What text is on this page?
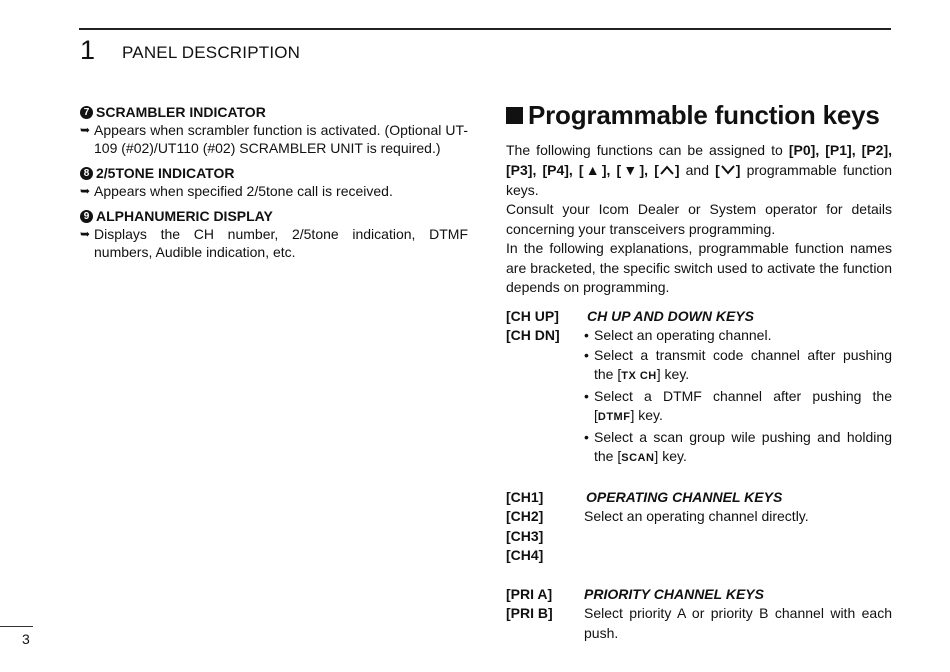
1 PANEL DESCRIPTION
7 SCRAMBLER INDICATOR
➥ Appears when scrambler function is activated. (Optional UT-109 (#02)/UT110 (#02) SCRAMBLER UNIT is required.)
8 2/5TONE INDICATOR
➥ Appears when specified 2/5tone call is received.
9 ALPHANUMERIC DISPLAY
➥ Displays the CH number, 2/5tone indication, DTMF numbers, Audible indication, etc.
Programmable function keys
The following functions can be assigned to [P0], [P1], [P2], [P3], [P4], [▲], [▼], [ ] and [ ] programmable function keys.
Consult your Icom Dealer or System operator for details concerning your transceivers programming.
In the following explanations, programmable function names are bracketed, the specific switch used to activate the function depends on programming.
[CH UP]	CH UP AND DOWN KEYS
[CH DN]	• Select an operating channel.
• Select a transmit code channel after pushing the [TX CH] key.
• Select a DTMF channel after pushing the [DTMF] key.
• Select a scan group wile pushing and holding the [SCAN] key.
[CH1]	OPERATING CHANNEL KEYS
[CH2]	Select an operating channel directly.
[CH3]
[CH4]
[PRI A]	PRIORITY CHANNEL KEYS
[PRI B]	Select priority A or priority B channel with each push.
3
